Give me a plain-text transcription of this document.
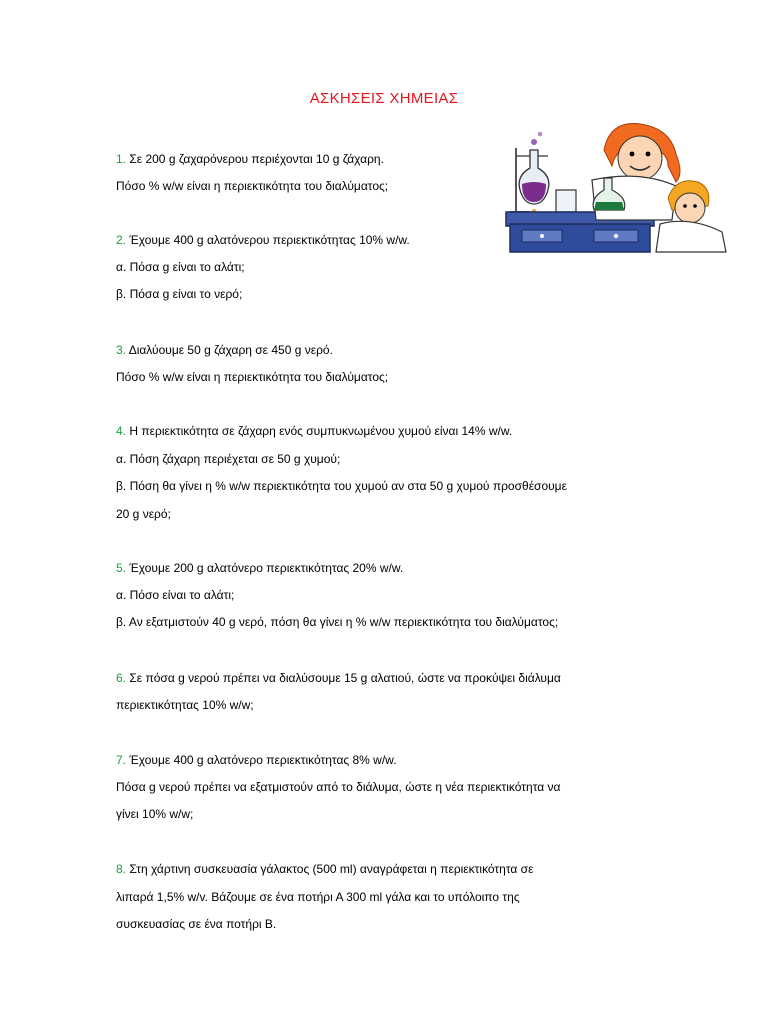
ΑΣΚΗΣΕΙΣ ΧΗΜΕΙΑΣ
1. Σε 200 g ζαχαρόνερου περιέχονται 10 g ζάχαρη.
Πόσο % w/w είναι η περιεκτικότητα του διαλύματος;
2. Έχουμε 400 g αλατόνερου περιεκτικότητας 10% w/w.
α. Πόσα g είναι το αλάτι;
β. Πόσα g είναι το νερό;
3. Διαλύουμε 50 g ζάχαρη σε 450 g νερό.
Πόσο % w/w είναι η περιεκτικότητα του διαλύματος;
4. Η περιεκτικότητα σε ζάχαρη ενός συμπυκνωμένου χυμού είναι 14% w/w.
α. Πόση ζάχαρη περιέχεται σε 50 g χυμού;
β. Πόση θα γίνει η % w/w περιεκτικότητα του χυμού αν στα 50 g χυμού προσθέσουμε
20 g νερό;
5. Έχουμε 200 g αλατόνερο περιεκτικότητας 20% w/w.
α. Πόσο είναι το αλάτι;
β. Αν εξατμιστούν 40 g νερό, πόση θα γίνει η % w/w περιεκτικότητα του διαλύματος;
6. Σε πόσα g νερού πρέπει να διαλύσουμε 15 g αλατιού, ώστε να προκύψει διάλυμα
περιεκτικότητας 10% w/w;
7. Έχουμε 400 g αλατόνερο περιεκτικότητας 8% w/w.
Πόσα g νερού πρέπει να εξατμιστούν από το διάλυμα, ώστε η νέα περιεκτικότητα να
γίνει 10% w/w;
8. Στη χάρτινη συσκευασία γάλακτος (500 ml) αναγράφεται η περιεκτικότητα σε
λιπαρά 1,5% w/v. Βάζουμε σε ένα ποτήρι Α 300 ml γάλα και το υπόλοιπο της
συσκευασίας σε ένα ποτήρι Β.
